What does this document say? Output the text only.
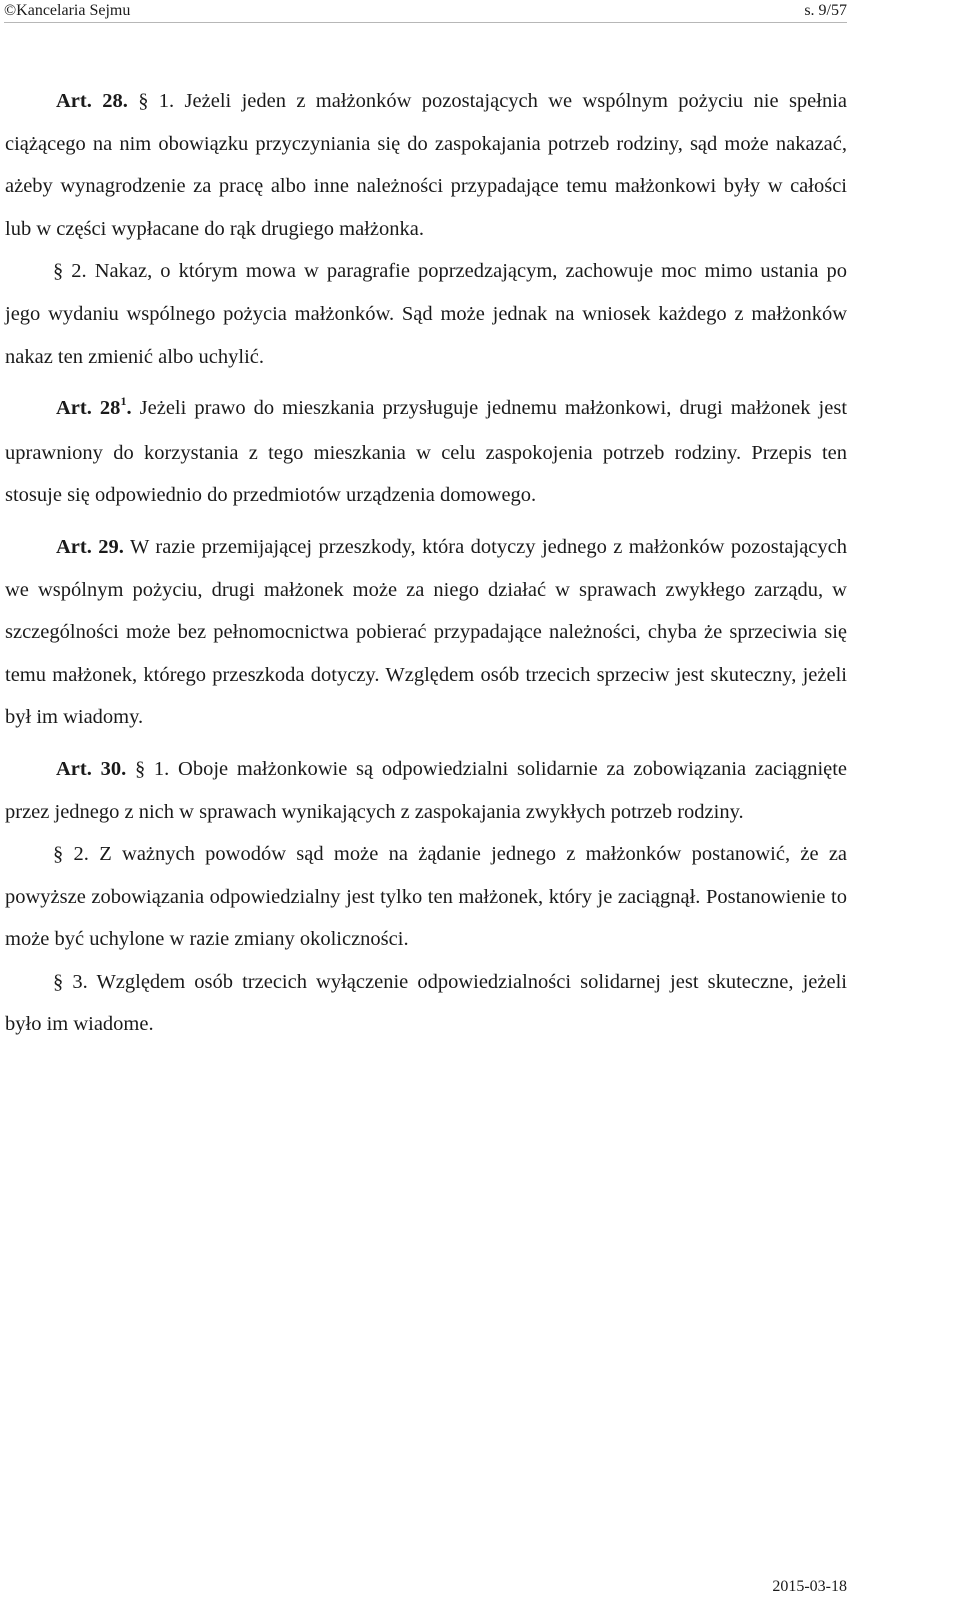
©Kancelaria Sejmu	s. 9/57

Art. 28. § 1. Jeżeli jeden z małżonków pozostających we wspólnym pożyciu nie spełnia ciążącego na nim obowiązku przyczyniania się do zaspokajania potrzeb rodziny, sąd może nakazać, ażeby wynagrodzenie za pracę albo inne należności przypadające temu małżonkowi były w całości lub w części wypłacane do rąk drugiego małżonka.

§ 2. Nakaz, o którym mowa w paragrafie poprzedzającym, zachowuje moc mimo ustania po jego wydaniu wspólnego pożycia małżonków. Sąd może jednak na wniosek każdego z małżonków nakaz ten zmienić albo uchylić.

Art. $28^1$. Jeżeli prawo do mieszkania przysługuje jednemu małżonkowi, drugi małżonek jest uprawniony do korzystania z tego mieszkania w celu zaspokojenia potrzeb rodziny. Przepis ten stosuje się odpowiednio do przedmiotów urządzenia domowego.

Art. 29. W razie przemijającej przeszkody, która dotyczy jednego z małżonków pozostających we wspólnym pożyciu, drugi małżonek może za niego działać w sprawach zwykłego zarządu, w szczególności może bez pełnomocnictwa pobierać przypadające należności, chyba że sprzeciwia się temu małżonek, którego przeszkoda dotyczy. Względem osób trzecich sprzeciw jest skuteczny, jeżeli był im wiadomy.

Art. 30. § 1. Oboje małżonkowie są odpowiedzialni solidarnie za zobowiązania zaciągnięte przez jednego z nich w sprawach wynikających z zaspokajania zwykłych potrzeb rodziny.

§ 2. Z ważnych powodów sąd może na żądanie jednego z małżonków postanowić, że za powyższe zobowiązania odpowiedzialny jest tylko ten małżonek, który je zaciągnął. Postanowienie to może być uchylone w razie zmiany okoliczności.

§ 3. Względem osób trzecich wyłączenie odpowiedzialności solidarnej jest skuteczne, jeżeli było im wiadome.

2015-03-18
